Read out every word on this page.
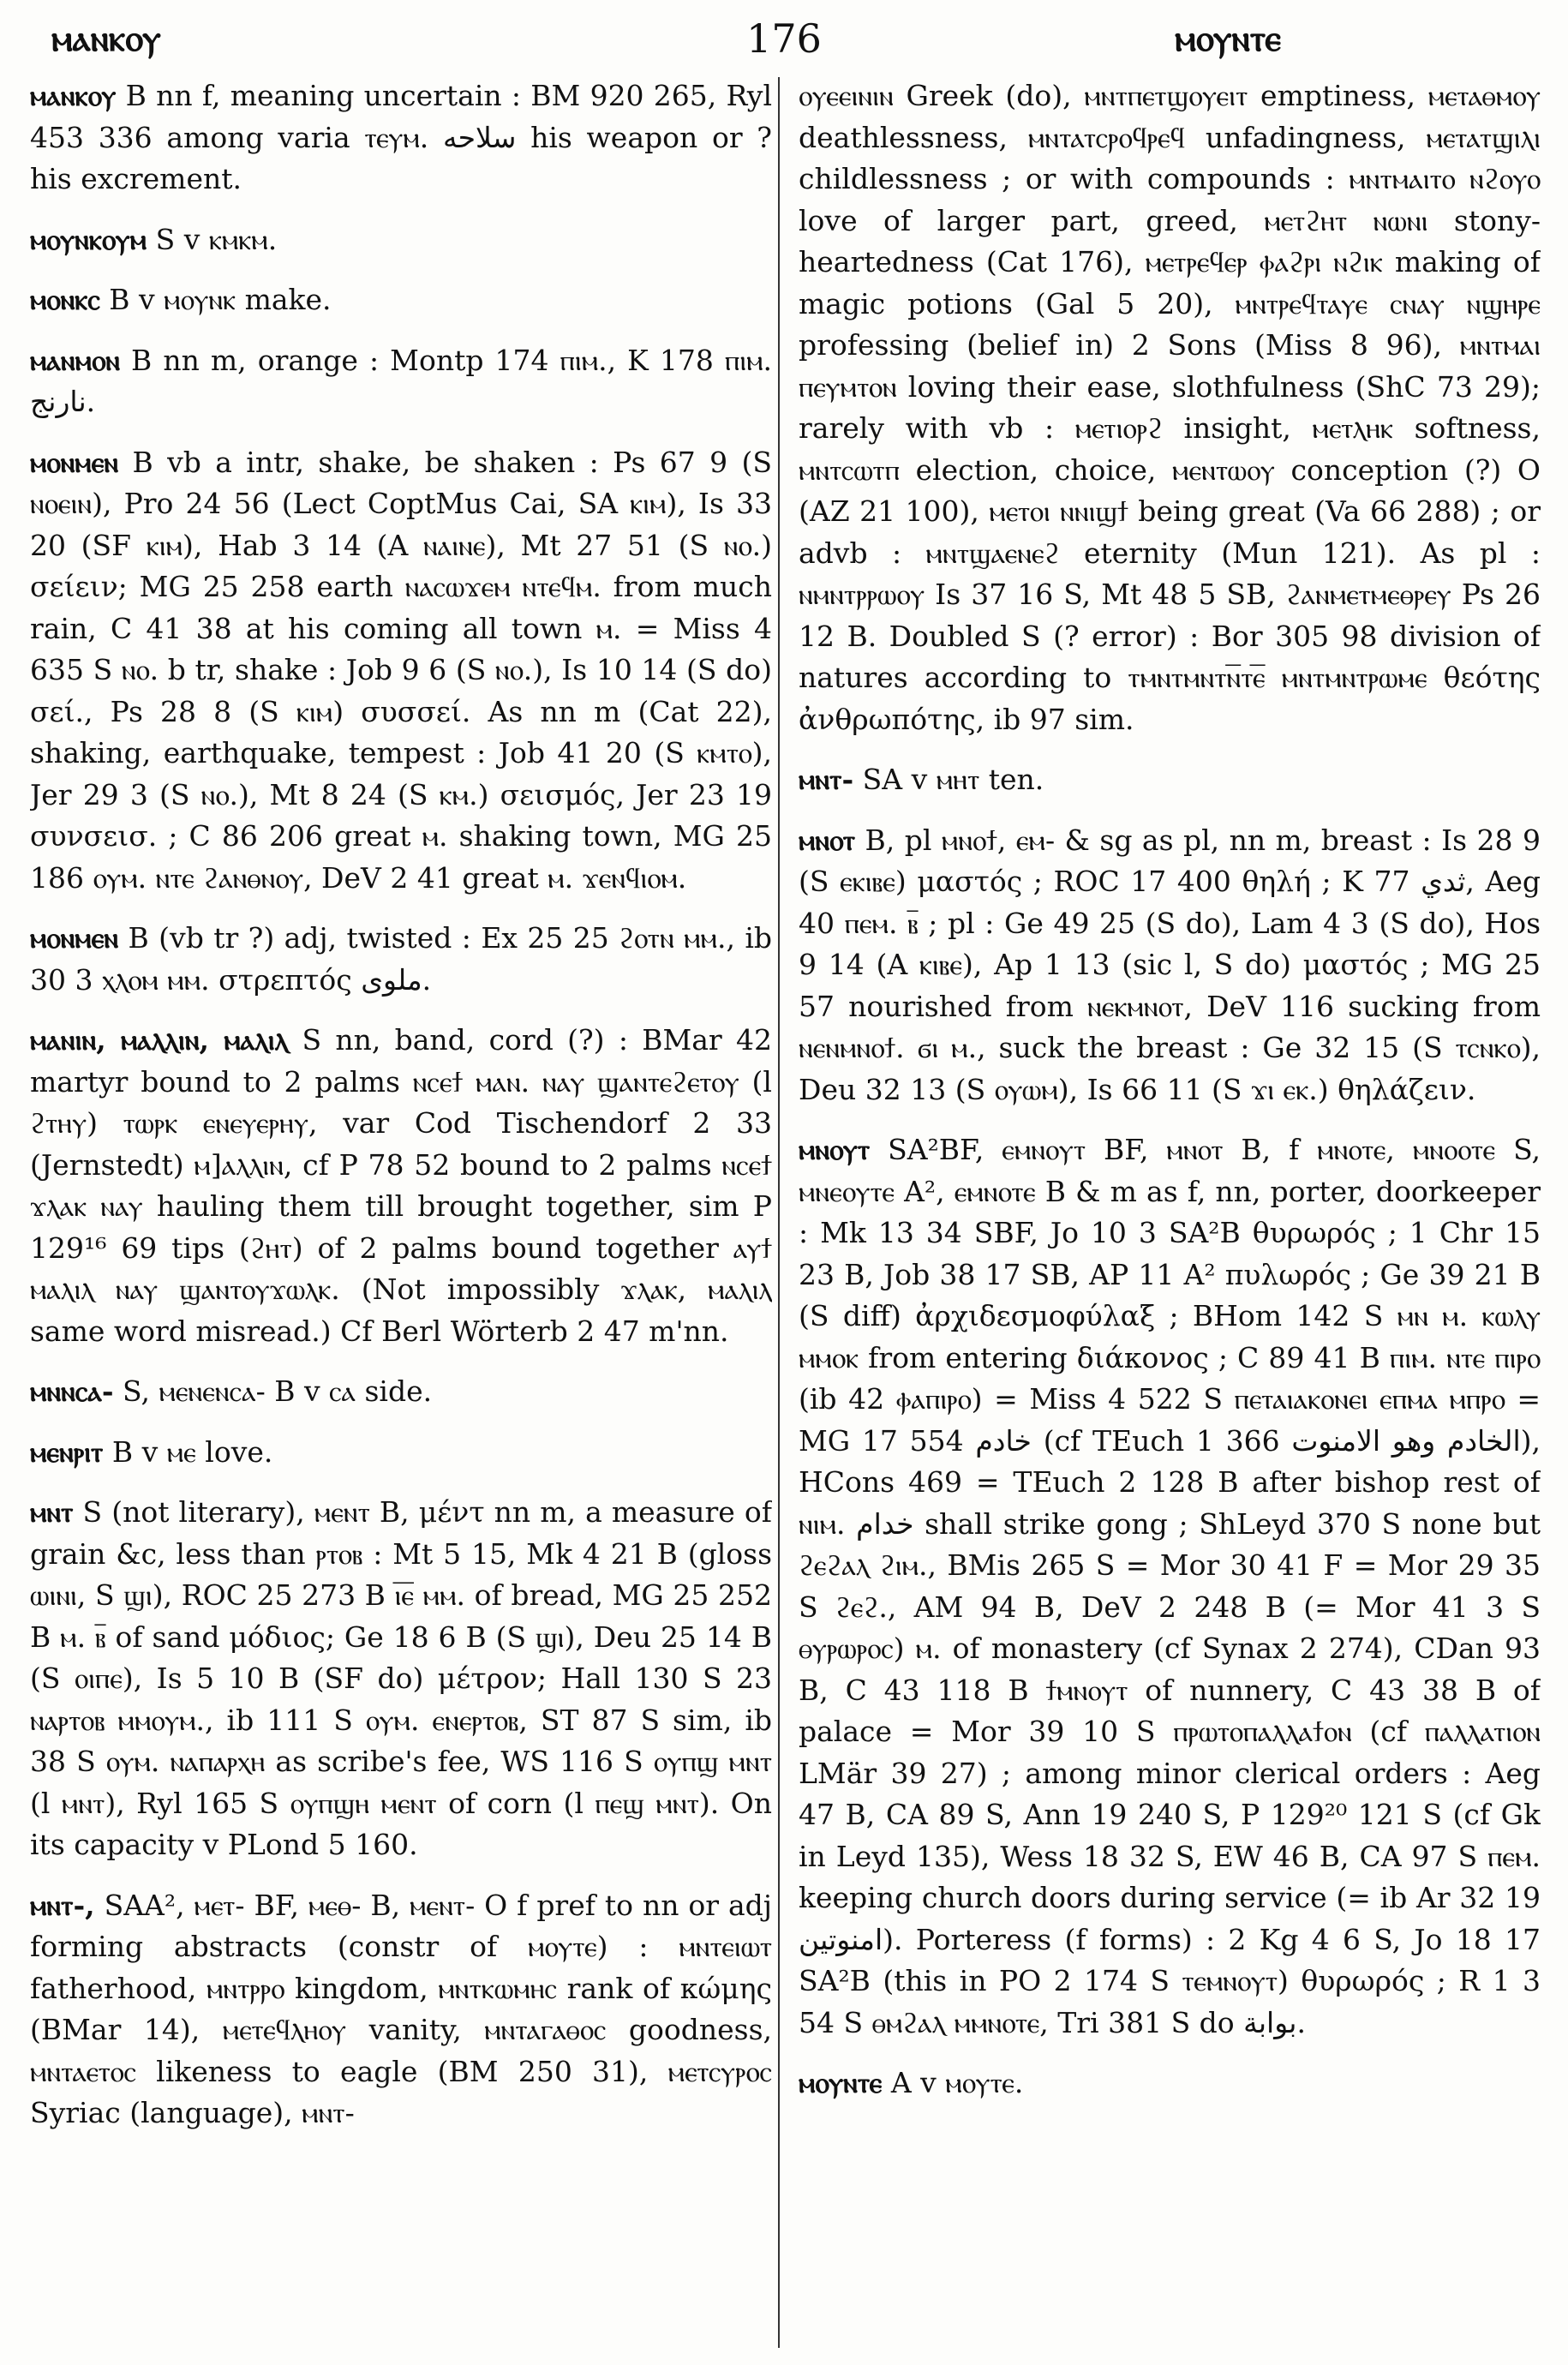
ⲙⲁⲛⲕⲟⲩ	176	ⲙⲟⲩⲛⲧⲉ

ⲙⲁⲛⲕⲟⲩ B nn f, meaning uncertain : BM 920 265, Ryl 453 336 among varia ⲧⲉⲩⲙ. سلاحه his weapon or ? his excrement.

ⲙⲟⲩⲛⲕⲟⲩⲙ S v ⲕⲙⲕⲙ.

ⲙⲟⲛⲕⲥ B v ⲙⲟⲩⲛⲕ make.

ⲙⲁⲛⲙⲟⲛ B nn m, orange : Montp 174 ⲡⲓⲙ., K 178 ⲡⲓⲙ. نارنج.

ⲙⲟⲛⲙⲉⲛ B vb a intr, shake, be shaken : Ps 67 9 (S ⲛⲟⲉⲓⲛ), Pro 24 56 (Lect CoptMus Cai, SA ⲕⲓⲙ), Is 33 20 (SF ⲕⲓⲙ), Hab 3 14 (A ⲛⲁⲓⲛⲉ), Mt 27 51 (S ⲛⲟ.) σείειν; MG 25 258 earth ⲛⲁⲥⲱϫⲉⲙ ⲛⲧⲉϥⲙ. from much rain, C 41 38 at his coming all town ⲙ. = Miss 4 635 S ⲛⲟ. b tr, shake : Job 9 6 (S ⲛⲟ.), Is 10 14 (S do) σεί., Ps 28 8 (S ⲕⲓⲙ) συσσεί. As nn m (Cat 22), shaking, earthquake, tempest : Job 41 20 (S ⲕⲙⲧⲟ), Jer 29 3 (S ⲛⲟ.), Mt 8 24 (S ⲕⲙ.) σεισμός, Jer 23 19 συνσεισ. ; C 86 206 great ⲙ. shaking town, MG 25 186 ⲟⲩⲙ. ⲛⲧⲉ ϩⲁⲛⲑⲛⲟⲩ, DeV 2 41 great ⲙ. ϫⲉⲛϥⲓⲟⲙ.

ⲙⲟⲛⲙⲉⲛ B (vb tr ?) adj, twisted : Ex 25 25 ϩⲟⲧⲛ ⲙⲙ., ib 30 3 ⲭⲗⲟⲙ ⲙⲙ. στρεπτός ملوى.

ⲙⲁⲛⲓⲛ, ⲙⲁⲗⲗⲓⲛ, ⲙⲁⲗⲓⲗ S nn, band, cord (?) : BMar 42 martyr bound to 2 palms ⲛⲥⲉϯ ⲙⲁⲛ. ⲛⲁⲩ ϣⲁⲛⲧⲉϩⲉⲧⲟⲩ (l ϩⲧⲏⲩ) ⲧⲱⲣⲕ ⲉⲛⲉⲩⲉⲣⲏⲩ, var Cod Tischendorf 2 33 (Jernstedt) ⲙ]ⲁⲗⲗⲓⲛ, cf P 78 52 bound to 2 palms ⲛⲥⲉϯ ϫⲗⲁⲕ ⲛⲁⲩ hauling them till brought together, sim P 129¹⁶ 69 tips (ϩⲏⲧ) of 2 palms bound together ⲁⲩϯ ⲙⲁⲗⲓⲗ ⲛⲁⲩ ϣⲁⲛⲧⲟⲩϫⲱⲗⲕ. (Not impossibly ϫⲗⲁⲕ, ⲙⲁⲗⲓⲗ same word misread.) Cf Berl Wörterb 2 47 m'nn.

ⲙⲛⲛⲥⲁ- S, ⲙⲉⲛⲉⲛⲥⲁ- B v ⲥⲁ side.

ⲙⲉⲛⲣⲓⲧ B v ⲙⲉ love.

ⲙⲛⲧ S (not literary), ⲙⲉⲛⲧ B, μέντ nn m, a measure of grain &c, less than ⲣⲧⲟⲃ : Mt 5 15, Mk 4 21 B (gloss ⲱⲓⲛⲓ, S ϣⲓ), ROC 25 273 B ⲓ̅ⲉ̅ ⲙⲙ. of bread, MG 25 252 B ⲙ. ⲃ̅ of sand μόδιος; Ge 18 6 B (S ϣⲓ), Deu 25 14 B (S ⲟⲓⲡⲉ), Is 5 10 B (SF do) μέτρον; Hall 130 S 23 ⲛⲁⲣⲧⲟⲃ ⲙⲙⲟⲩⲙ., ib 111 S ⲟⲩⲙ. ⲉⲛⲉⲣⲧⲟⲃ, ST 87 S sim, ib 38 S ⲟⲩⲙ. ⲛⲁⲡⲁⲣⲭⲏ as scribe's fee, WS 116 S ⲟⲩⲡϣ ⲙⲛⲧ (l ⲙⲛⲧ), Ryl 165 S ⲟⲩⲡϣⲏ ⲙⲉⲛⲧ of corn (l ⲡⲉϣ ⲙⲛⲧ). On its capacity v PLond 5 160.

ⲙⲛⲧ-, SAA², ⲙⲉⲧ- BF, ⲙⲉⲑ- B, ⲙⲉⲛⲧ- O f pref to nn or adj forming abstracts (constr of ⲙⲟⲩⲧⲉ) : ⲙⲛⲧⲉⲓⲱⲧ fatherhood, ⲙⲛⲧⲣⲣⲟ kingdom, ⲙⲛⲧⲕⲱⲙⲏⲥ rank of κώμης (BMar 14), ⲙⲉⲧⲉϥⲗⲏⲟⲩ vanity, ⲙⲛⲧⲁⲅⲁⲑⲟⲥ goodness, ⲙⲛⲧⲁⲉⲧⲟⲥ likeness to eagle (BM 250 31), ⲙⲉⲧⲥⲩⲣⲟⲥ Syriac (language), ⲙⲛⲧ-

ⲟⲩⲉⲉⲓⲛⲓⲛ Greek (do), ⲙⲛⲧⲡⲉⲧϣⲟⲩⲉⲓⲧ emptiness, ⲙⲉⲧⲁⲑⲙⲟⲩ deathlessness, ⲙⲛⲧⲁⲧⲥⲣⲟϥⲣⲉϥ unfadingness, ⲙⲉⲧⲁⲧϣⲓⲗⲓ childlessness ; or with compounds : ⲙⲛⲧⲙⲁⲓⲧⲟ ⲛϩⲟⲩⲟ love of larger part, greed, ⲙⲉⲧϩⲏⲧ ⲛⲱⲛⲓ stony-heartedness (Cat 176), ⲙⲉⲧⲣⲉϥⲉⲣ ⲫⲁϩⲣⲓ ⲛϩⲓⲕ making of magic potions (Gal 5 20), ⲙⲛⲧⲣⲉϥⲧⲁⲩⲉ ⲥⲛⲁⲩ ⲛϣⲏⲣⲉ professing (belief in) 2 Sons (Miss 8 96), ⲙⲛⲧⲙⲁⲓ ⲡⲉⲩⲙⲧⲟⲛ loving their ease, slothfulness (ShC 73 29); rarely with vb : ⲙⲉⲧⲓⲟⲣϩ insight, ⲙⲉⲧⲗⲏⲕ softness, ⲙⲛⲧⲥⲱⲧⲡ election, choice, ⲙⲉⲛⲧⲱⲟⲩ conception (?) O (AZ 21 100), ⲙⲉⲧⲟⲓ ⲛⲛⲓϣϯ being great (Va 66 288) ; or advb : ⲙⲛⲧϣⲁⲉⲛⲉϩ eternity (Mun 121). As pl : ⲛⲙⲛⲧⲣⲣⲱⲟⲩ Is 37 16 S, Mt 48 5 SB, ϩⲁⲛⲙⲉⲧⲙⲉⲑⲣⲉⲩ Ps 26 12 B. Doubled S (? error) : Bor 305 98 division of natures according to ⲧⲙⲛⲧⲙⲛⲧⲛ̅ⲧⲉ̅ ⲙⲛⲧⲙⲛⲧⲣⲱⲙⲉ θεότης ἀνθρωπότης, ib 97 sim.

ⲙⲛⲧ- SA v ⲙⲏⲧ ten.

ⲙⲛⲟⲧ B, pl ⲙⲛⲟϯ, ⲉⲙ- & sg as pl, nn m, breast : Is 28 9 (S ⲉⲕⲓⲃⲉ) μαστός ; ROC 17 400 θηλή ; K 77 ثدي, Aeg 40 ⲡⲉⲙ. ⲃ̅ ; pl : Ge 49 25 (S do), Lam 4 3 (S do), Hos 9 14 (A ⲕⲓⲃⲉ), Ap 1 13 (sic l, S do) μαστός ; MG 25 57 nourished from ⲛⲉⲕⲙⲛⲟⲧ, DeV 116 sucking from ⲛⲉⲛⲙⲛⲟϯ. ϭⲓ ⲙ., suck the breast : Ge 32 15 (S ⲧⲥⲛⲕⲟ), Deu 32 13 (S ⲟⲩⲱⲙ), Is 66 11 (S ϫⲓ ⲉⲕ.) θηλάζειν.

ⲙⲛⲟⲩⲧ SA²BF, ⲉⲙⲛⲟⲩⲧ BF, ⲙⲛⲟⲧ B, f ⲙⲛⲟⲧⲉ, ⲙⲛⲟⲟⲧⲉ S, ⲙⲛⲉⲟⲩⲧⲉ A², ⲉⲙⲛⲟⲧⲉ B & m as f, nn, porter, doorkeeper : Mk 13 34 SBF, Jo 10 3 SA²B θυρωρός ; 1 Chr 15 23 B, Job 38 17 SB, AP 11 A² πυλωρός ; Ge 39 21 B (S diff) ἀρχιδεσμοφύλαξ ; BHom 142 S ⲙⲛ ⲙ. ⲕⲱⲗⲩ ⲙⲙⲟⲕ from entering διάκονος ; C 89 41 B ⲡⲓⲙ. ⲛⲧⲉ ⲡⲓⲣⲟ (ib 42 ⲫⲁⲡⲓⲣⲟ) = Miss 4 522 S ⲡⲉⲧⲁⲓⲁⲕⲟⲛⲉⲓ ⲉⲡⲙⲁ ⲙⲡⲣⲟ = MG 17 554 خادم (cf TEuch 1 366 الخادم وهو الامنوت), HCons 469 = TEuch 2 128 B after bishop rest of ⲛⲓⲙ. خدام shall strike gong ; ShLeyd 370 S none but ϩⲉϩⲁⲗ ϩⲓⲙ., BMis 265 S = Mor 30 41 F = Mor 29 35 S ϩⲉϩ., AM 94 B, DeV 2 248 B (= Mor 41 3 S ⲑⲩⲣⲱⲣⲟⲥ) ⲙ. of monastery (cf Synax 2 274), CDan 93 B, C 43 118 B ϯⲙⲛⲟⲩⲧ of nunnery, C 43 38 B of palace = Mor 39 10 S ⲡⲣⲱⲧⲟⲡⲁⲗⲗⲁϯⲟⲛ (cf ⲡⲁⲗⲗⲁⲧⲓⲟⲛ LMär 39 27) ; among minor clerical orders : Aeg 47 B, CA 89 S, Ann 19 240 S, P 129²⁰ 121 S (cf Gk in Leyd 135), Wess 18 32 S, EW 46 B, CA 97 S ⲡⲉⲙ. keeping church doors during service (= ib Ar 32 19 امنوتين). Porteress (f forms) : 2 Kg 4 6 S, Jo 18 17 SA²B (this in PO 2 174 S ⲧⲉⲙⲛⲟⲩⲧ) θυρωρός ; R 1 3 54 S ⲑⲙϩⲁⲗ ⲙⲙⲛⲟⲧⲉ, Tri 381 S do بوابة.

ⲙⲟⲩⲛⲧⲉ A v ⲙⲟⲩⲧⲉ.
